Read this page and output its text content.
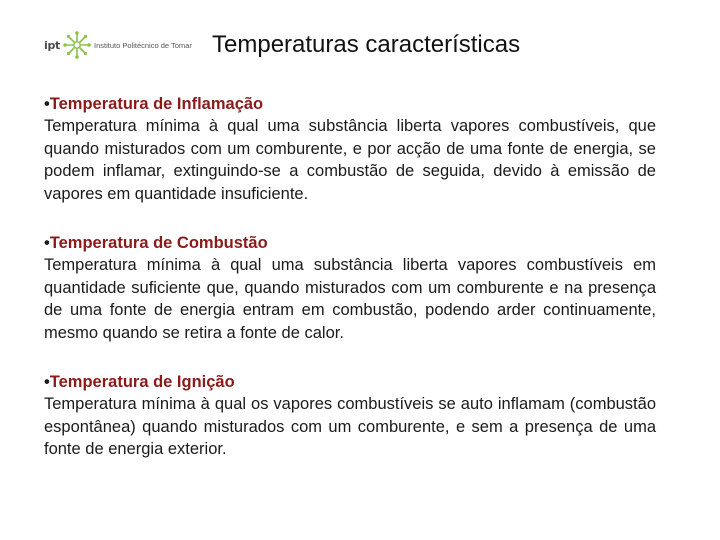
ipt	Instituto Politécnico de Tomar Temperaturas características

•Temperatura de Inflamação

Temperatura mínima à qual uma substância liberta vapores combustíveis, que quando misturados com um comburente, e por acção de uma fonte de energia, se podem inflamar, extinguindo-se a combustão de seguida, devido à emissão de vapores em quantidade insuficiente.

•Temperatura de Combustão

Temperatura mínima à qual uma substância liberta vapores combustíveis em quantidade suficiente que, quando misturados com um comburente e na presença de uma fonte de energia entram em combustão, podendo arder continuamente, mesmo quando se retira a fonte de calor.

•Temperatura de Ignição

Temperatura mínima à qual os vapores combustíveis se auto inflamam (combustão espontânea) quando misturados com um comburente, e sem a presença de uma fonte de energia exterior.
